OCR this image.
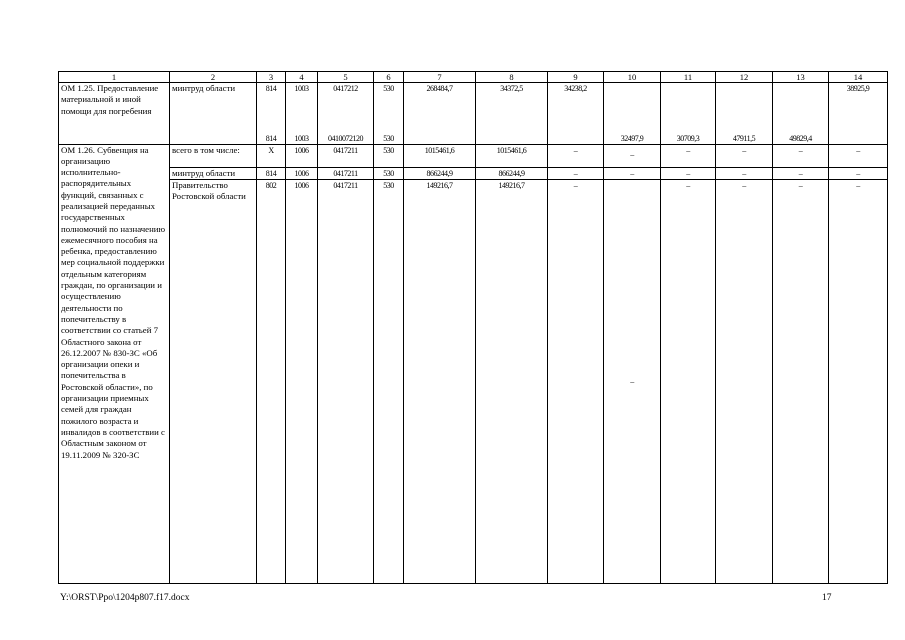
1	2	3	4	5	6	7	8	9	10	11	12	13	14
ОМ 1.25. Предоставление материальной и иной помощи для погребения	минтруд области	814	1003	0417212	530	268484,7	34372,5	34238,2					38925,9
		814	1003	0410072120	530				32497,9	30709,3	47911,5	49829,4	
ОМ 1.26. Субвенция на организацию исполнительно-распорядительных функций, связанных с реализацией переданных государственных полномочий по назначению ежемесячного пособия на ребенка, предоставлению мер социальной поддержки отдельным категориям граждан, по организации и осуществлению деятельности по попечительству в соответствии со статьей 7 Областного закона от 26.12.2007 № 830-ЗС «Об организации опеки и попечительства в Ростовской области», по организации приемных семей для граждан пожилого возраста и инвалидов в соответствии с Областным законом от 19.11.2009 № 320-ЗС	всего в том числе:	X	1006	0417211	530	1015461,6	1015461,6	–	–	–	–	–	–
	минтруд области	814	1006	0417211	530	866244,9	866244,9	–	–	–	–	–	–
	Правительство Ростовской области	802	1006	0417211	530	149216,7	149216,7	–	–	–	–	–	–
Y:\ORST\Ppo\1204p807.f17.docx	17
